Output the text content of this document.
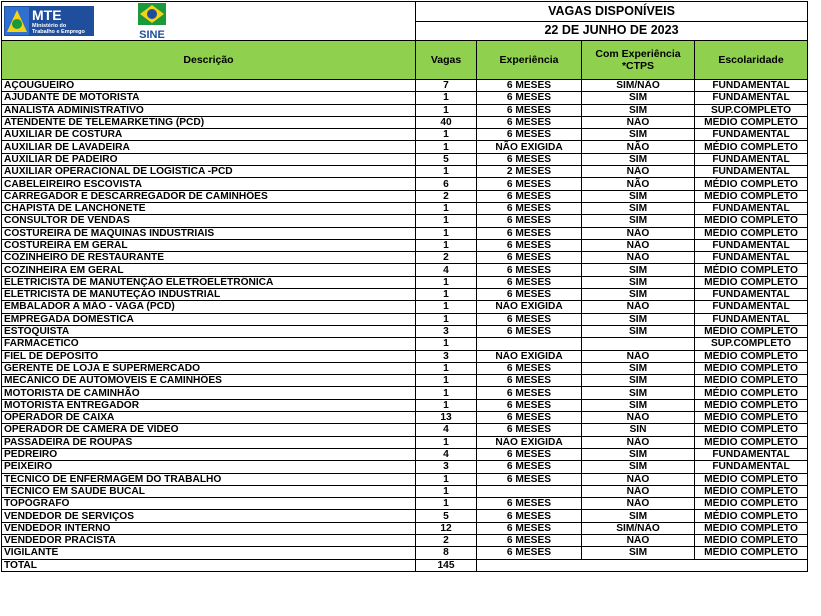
MTE
Ministério do
Trabalho e Emprego SINE	VAGAS DISPONÍVEIS			
	22 DE JUNHO DE 2023			
Descrição	Vagas	Experiência	Com Experiência *CTPS	Escolaridade
AÇOUGUEIRO	7	6 MESES	SIM/NÃO	FUNDAMENTAL
AJUDANTE DE MOTORISTA	1	6 MESES	SIM	FUNDAMENTAL
ANALISTA ADMINISTRATIVO	1	6 MESES	SIM	SUP.COMPLETO
ATENDENTE DE TELEMARKETING (PCD)	40	6 MESES	NÃO	MÉDIO COMPLETO
AUXILIAR DE COSTURA	1	6 MESES	SIM	FUNDAMENTAL
AUXILIAR DE LAVADEIRA	1	NÃO EXIGIDA	NÃO	MÉDIO COMPLETO
AUXILIAR DE PADEIRO	5	6 MESES	SIM	FUNDAMENTAL
AUXILIAR OPERACIONAL DE LOGÍSTICA -PCD	1	2 MESES	NÃO	FUNDAMENTAL
CABELEIREIRO ESCOVISTA	6	6 MESES	NÃO	MÉDIO COMPLETO
CARREGADOR E DESCARREGADOR DE CAMINHÕES	2	6 MESES	SIM	MÉDIO COMPLETO
CHAPISTA DE LANCHONETE	1	6 MESES	SIM	FUNDAMENTAL
CONSULTOR DE VENDAS	1	6 MESES	SIM	MÉDIO COMPLETO
COSTUREIRA DE MAQUINAS INDUSTRIAIS	1	6 MESES	NÃO	MÉDIO COMPLETO
COSTUREIRA EM GERAL	1	6 MESES	NÃO	FUNDAMENTAL
COZINHEIRO DE RESTAURANTE	2	6 MESES	NÃO	FUNDAMENTAL
COZINHEIRA EM GERAL	4	6 MESES	SIM	MÉDIO COMPLETO
ELETRICISTA DE MANUTENÇÃO ELETROELETRÔNICA	1	6 MESES	SIM	MÉDIO COMPLETO
ELETRICISTA DE MANUTEÇÃO INDUSTRIAL	1	6 MESES	SIM	FUNDAMENTAL
EMBALADOR A MÃO - VAGA (PCD)	1	NÃO EXIGIDA	NÃO	FUNDAMENTAL
EMPREGADA DOMÉSTICA	1	6 MESES	SIM	FUNDAMENTAL
ESTOQUISTA	3	6 MESES	SIM	MÉDIO COMPLETO
FARMACÊTICO	1			SUP.COMPLETO
FIEL DE DEPOSITO	3	NÃO EXIGIDA	NÃO	MÉDIO COMPLETO
GERENTE DE LOJA E SUPERMERCADO	1	6 MESES	SIM	MÉDIO COMPLETO
MECÂNICO DE AUTOMÓVEIS E CAMINHÕES	1	6 MESES	SIM	MÉDIO COMPLETO
MOTORISTA DE CAMINHÃO	1	6 MESES	SIM	MÉDIO COMPLETO
MOTORISTA ENTREGADOR	1	6 MESES	SIM	MÉDIO COMPLETO
OPERADOR DE CAIXA	13	6 MESES	NÃO	MÉDIO COMPLETO
OPERADOR DE CÂMERA DE VÍDEO	4	6 MESES	SIN	MÉDIO COMPLETO
PASSADEIRA DE ROUPAS	1	NÃO EXIGIDA	NÃO	MÉDIO COMPLETO
PEDREIRO	4	6 MESES	SIM	FUNDAMENTAL
PEIXEIRO	3	6 MESES	SIM	FUNDAMENTAL
TÉCNICO DE ENFERMAGEM DO TRABALHO	1	6 MESES	NÃO	MÉDIO COMPLETO
TÉCNICO EM SAÚDE BUCAL	1		NÃO	MÉDIO COMPLETO
TOPÓGRAFO	1	6 MESES	NÃO	MÉDIO COMPLETO
VENDEDOR DE SERVIÇOS	5	6 MESES	SIM	MÉDIO COMPLETO
VENDEDOR INTERNO	12	6 MESES	SIM/NÃO	MÉDIO COMPLETO
VENDEDOR PRACISTA	2	6 MESES	NÃO	MÉDIO COMPLETO
VIGILANTE	8	6 MESES	SIM	MÉDIO COMPLETO
TOTAL	145			
